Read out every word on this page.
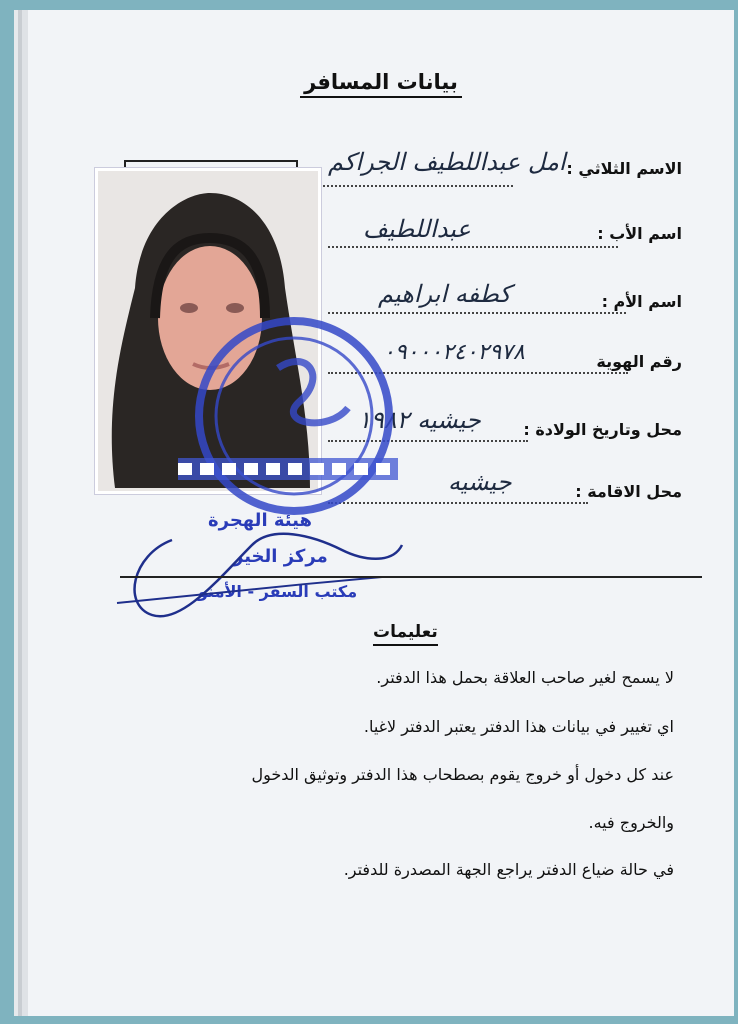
بيانات المسافر
الاسم الثلاثي :
امل عبداللطيف الجراكم
اسم الأب :
عبداللطيف
اسم الأم :
كطفه ابراهيم
رقم الهوية
٠٩٠٠٠٢٤٠٢٩٧٨
محل وتاريخ الولادة :
جيشيه ١٩٨٢
محل الاقامة :
جيشيه
هيئة الهجرة
مركز الخير
مكتب السفر - الأمنو
تعليمات
لا يسمح لغير صاحب العلاقة بحمل هذا الدفتر.
اي تغيير في بيانات هذا الدفتر يعتبر الدفتر لاغيا.
عند كل دخول أو خروج يقوم بصطحاب هذا الدفتر وتوثيق الدخول
والخروج فيه.
في حالة ضياع الدفتر يراجع الجهة المصدرة للدفتر.
